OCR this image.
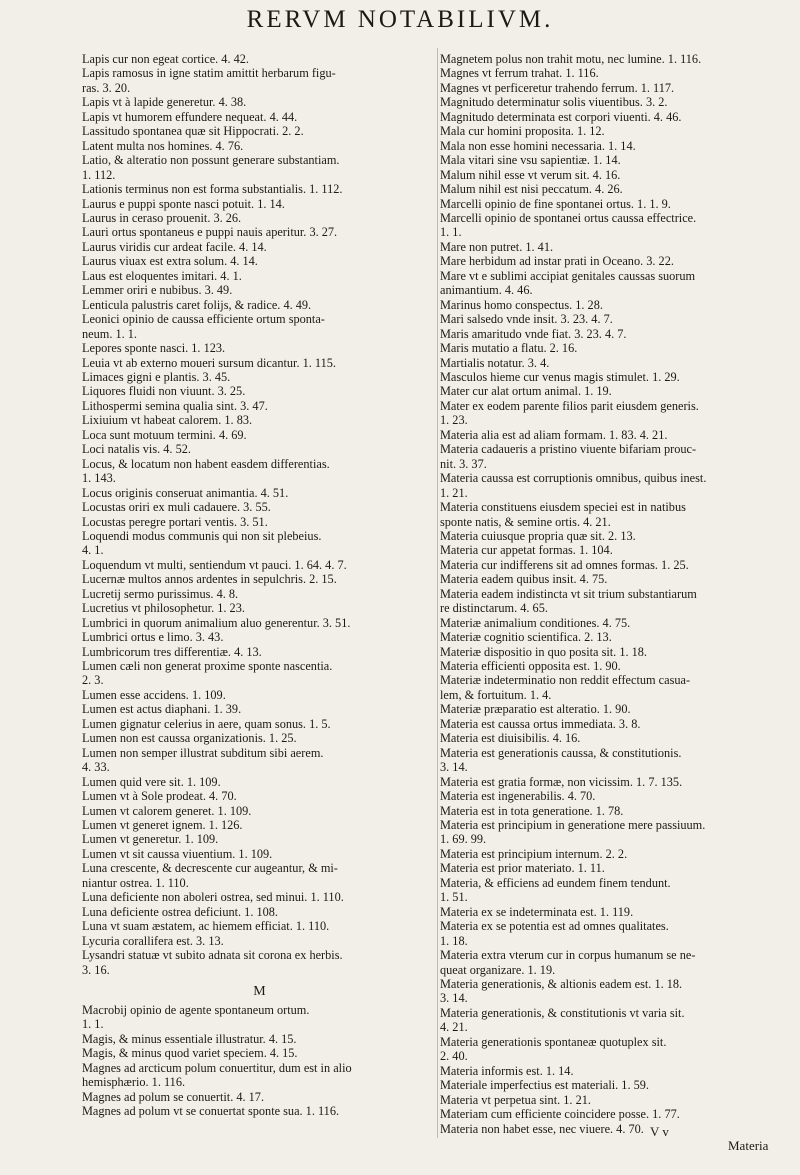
RERVM NOTABILIVM.
Lapis cur non egeat cortice. 4. 42.
Lapis ramosus in igne statim amittit herbarum figu-
ras. 3. 20.
Lapis vt à lapide generetur. 4. 38.
Lapis vt humorem effundere nequeat. 4. 44.
Lassitudo spontanea quæ sit Hippocrati. 2. 2.
Latent multa nos homines. 4. 76.
Latio, & alteratio non possunt generare substantiam.
1. 112.
Lationis terminus non est forma substantialis. 1. 112.
Laurus e puppi sponte nasci potuit. 1. 14.
Laurus in ceraso prouenit. 3. 26.
Lauri ortus spontaneus e puppi nauis aperitur. 3. 27.
Laurus viridis cur ardeat facile. 4. 14.
Laurus viuax est extra solum. 4. 14.
Laus est eloquentes imitari. 4. 1.
Lemmer oriri e nubibus. 3. 49.
Lenticula palustris caret folijs, & radice. 4. 49.
Leonici opinio de caussa efficiente ortum sponta-
neum. 1. 1.
Lepores sponte nasci. 1. 123.
Leuia vt ab externo moueri sursum dicantur. 1. 115.
Limaces gigni e plantis. 3. 45.
Liquores fluidi non viuunt. 3. 25.
Lithospermi semina qualia sint. 3. 47.
Lixiuium vt habeat calorem. 1. 83.
Loca sunt motuum termini. 4. 69.
Loci natalis vis. 4. 52.
Locus, & locatum non habent easdem differentias.
1. 143.
Locus originis conseruat animantia. 4. 51.
Locustas oriri ex muli cadauere. 3. 55.
Locustas peregre portari ventis. 3. 51.
Loquendi modus communis qui non sit plebeius.
4. 1.
Loquendum vt multi, sentiendum vt pauci. 1. 64. 4. 7.
Lucernæ multos annos ardentes in sepulchris. 2. 15.
Lucretij sermo purissimus. 4. 8.
Lucretius vt philosophetur. 1. 23.
Lumbrici in quorum animalium aluo generentur. 3. 51.
Lumbrici ortus e limo. 3. 43.
Lumbricorum tres differentiæ. 4. 13.
Lumen cæli non generat proxime sponte nascentia.
2. 3.
Lumen esse accidens. 1. 109.
Lumen est actus diaphani. 1. 39.
Lumen gignatur celerius in aere, quam sonus. 1. 5.
Lumen non est caussa organizationis. 1. 25.
Lumen non semper illustrat subditum sibi aerem.
4. 33.
Lumen quid vere sit. 1. 109.
Lumen vt à Sole prodeat. 4. 70.
Lumen vt calorem generet. 1. 109.
Lumen vt generet ignem. 1. 126.
Lumen vt generetur. 1. 109.
Lumen vt sit caussa viuentium. 1. 109.
Luna crescente, & decrescente cur augeantur, & mi-
niantur ostrea. 1. 110.
Luna deficiente non aboleri ostrea, sed minui. 1. 110.
Luna deficiente ostrea deficiunt. 1. 108.
Luna vt suam æstatem, ac hiemem efficiat. 1. 110.
Lycuria corallifera est. 3. 13.
Lysandri statuæ vt subito adnata sit corona ex herbis.
3. 16.
M
Macrobij opinio de agente spontaneum ortum.
1. 1.
Magis, & minus essentiale illustratur. 4. 15.
Magis, & minus quod variet speciem. 4. 15.
Magnes ad arcticum polum conuertitur, dum est in alio
hemisphærio. 1. 116.
Magnes ad polum se conuertit. 4. 17.
Magnes ad polum vt se conuertat sponte sua. 1. 116.
Magnetem polus non trahit motu, nec lumine. 1. 116.
Magnes vt ferrum trahat. 1. 116.
Magnes vt perficeretur trahendo ferrum. 1. 117.
Magnitudo determinatur solis viuentibus. 3. 2.
Magnitudo determinata est corpori viuenti. 4. 46.
Mala cur homini proposita. 1. 12.
Mala non esse homini necessaria. 1. 14.
Mala vitari sine vsu sapientiæ. 1. 14.
Malum nihil esse vt verum sit. 4. 16.
Malum nihil est nisi peccatum. 4. 26.
Marcelli opinio de fine spontanei ortus. 1. 1. 9.
Marcelli opinio de spontanei ortus caussa effectrice.
1. 1.
Mare non putret. 1. 41.
Mare herbidum ad instar prati in Oceano. 3. 22.
Mare vt e sublimi accipiat genitales caussas suorum
animantium. 4. 46.
Marinus homo conspectus. 1. 28.
Mari salsedo vnde insit. 3. 23. 4. 7.
Maris amaritudo vnde fiat. 3. 23. 4. 7.
Maris mutatio a flatu. 2. 16.
Martialis notatur. 3. 4.
Masculos hieme cur venus magis stimulet. 1. 29.
Mater cur alat ortum animal. 1. 19.
Mater ex eodem parente filios parit eiusdem generis.
1. 23.
Materia alia est ad aliam formam. 1. 83. 4. 21.
Materia cadaueris a pristino viuente bifariam prouc-
nit. 3. 37.
Materia caussa est corruptionis omnibus, quibus inest.
1. 21.
Materia constituens eiusdem speciei est in natibus
sponte natis, & semine ortis. 4. 21.
Materia cuiusque propria quæ sit. 2. 13.
Materia cur appetat formas. 1. 104.
Materia cur indifferens sit ad omnes formas. 1. 25.
Materia eadem quibus insit. 4. 75.
Materia eadem indistincta vt sit trium substantiarum
re distinctarum. 4. 65.
Materiæ animalium conditiones. 4. 75.
Materiæ cognitio scientifica. 2. 13.
Materiæ dispositio in quo posita sit. 1. 18.
Materia efficienti opposita est. 1. 90.
Materiæ indeterminatio non reddit effectum casua-
lem, & fortuitum. 1. 4.
Materiæ præparatio est alteratio. 1. 90.
Materia est caussa ortus immediata. 3. 8.
Materia est diuisibilis. 4. 16.
Materia est generationis caussa, & constitutionis.
3. 14.
Materia est gratia formæ, non vicissim. 1. 7. 135.
Materia est ingenerabilis. 4. 70.
Materia est in tota generatione. 1. 78.
Materia est principium in generatione mere passiuum.
1. 69. 99.
Materia est principium internum. 2. 2.
Materia est prior materiato. 1. 11.
Materia, & efficiens ad eundem finem tendunt.
1. 51.
Materia ex se indeterminata est. 1. 119.
Materia ex se potentia est ad omnes qualitates.
1. 18.
Materia extra vterum cur in corpus humanum se ne-
queat organizare. 1. 19.
Materia generationis, & altionis eadem est. 1. 18.
3. 14.
Materia generationis, & constitutionis vt varia sit.
4. 21.
Materia generationis spontaneæ quotuplex sit.
2. 40.
Materia informis est. 1. 14.
Materiale imperfectius est materiali. 1. 59.
Materia vt perpetua sint. 1. 21.
Materiam cum efficiente coincidere posse. 1. 77.
Materia non habet esse, nec viuere. 4. 70. V v
Materia
